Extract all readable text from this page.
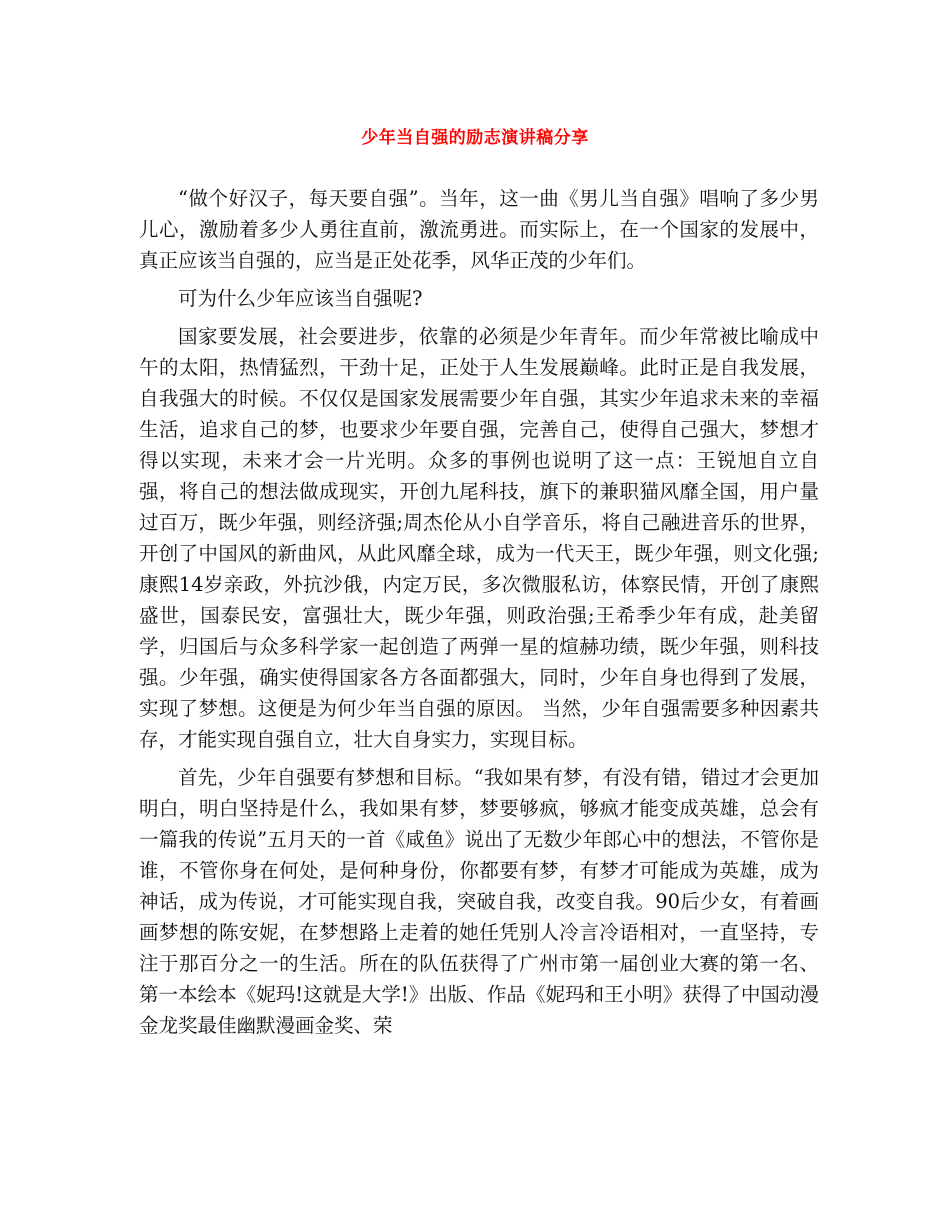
少年当自强的励志演讲稿分享

“做个好汉子，每天要自强”。当年，这一曲《男儿当自强》唱响了多少男儿心，激励着多少人勇往直前，激流勇进。而实际上，在一个国家的发展中，真正应该当自强的，应当是正处花季，风华正茂的少年们。

可为什么少年应该当自强呢?

国家要发展，社会要进步，依靠的必须是少年青年。而少年常被比喻成中午的太阳，热情猛烈，干劲十足，正处于人生发展巅峰。此时正是自我发展，自我强大的时候。不仅仅是国家发展需要少年自强，其实少年追求未来的幸福生活，追求自己的梦，也要求少年要自强，完善自己，使得自己强大，梦想才得以实现，未来才会一片光明。众多的事例也说明了这一点：王锐旭自立自强，将自己的想法做成现实，开创九尾科技，旗下的兼职猫风靡全国，用户量过百万，既少年强，则经济强;周杰伦从小自学音乐，将自己融进音乐的世界，开创了中国风的新曲风，从此风靡全球，成为一代天王，既少年强，则文化强;康熙14岁亲政，外抗沙俄，内定万民，多次微服私访，体察民情，开创了康熙盛世，国泰民安，富强壮大，既少年强，则政治强;王希季少年有成，赴美留学，归国后与众多科学家一起创造了两弹一星的煊赫功绩，既少年强，则科技强。少年强，确实使得国家各方各面都强大，同时，少年自身也得到了发展，实现了梦想。这便是为何少年当自强的原因。 当然，少年自强需要多种因素共存，才能实现自强自立，壮大自身实力，实现目标。

首先，少年自强要有梦想和目标。“我如果有梦，有没有错，错过才会更加明白，明白坚持是什么，我如果有梦，梦要够疯，够疯才能变成英雄，总会有一篇我的传说”五月天的一首《咸鱼》说出了无数少年郎心中的想法，不管你是谁，不管你身在何处，是何种身份，你都要有梦，有梦才可能成为英雄，成为神话，成为传说，才可能实现自我，突破自我，改变自我。90后少女，有着画画梦想的陈安妮，在梦想路上走着的她任凭别人冷言冷语相对，一直坚持，专注于那百分之一的生活。所在的队伍获得了广州市第一届创业大赛的第一名、第一本绘本《妮玛!这就是大学!》出版、作品《妮玛和王小明》获得了中国动漫金龙奖最佳幽默漫画金奖、荣
